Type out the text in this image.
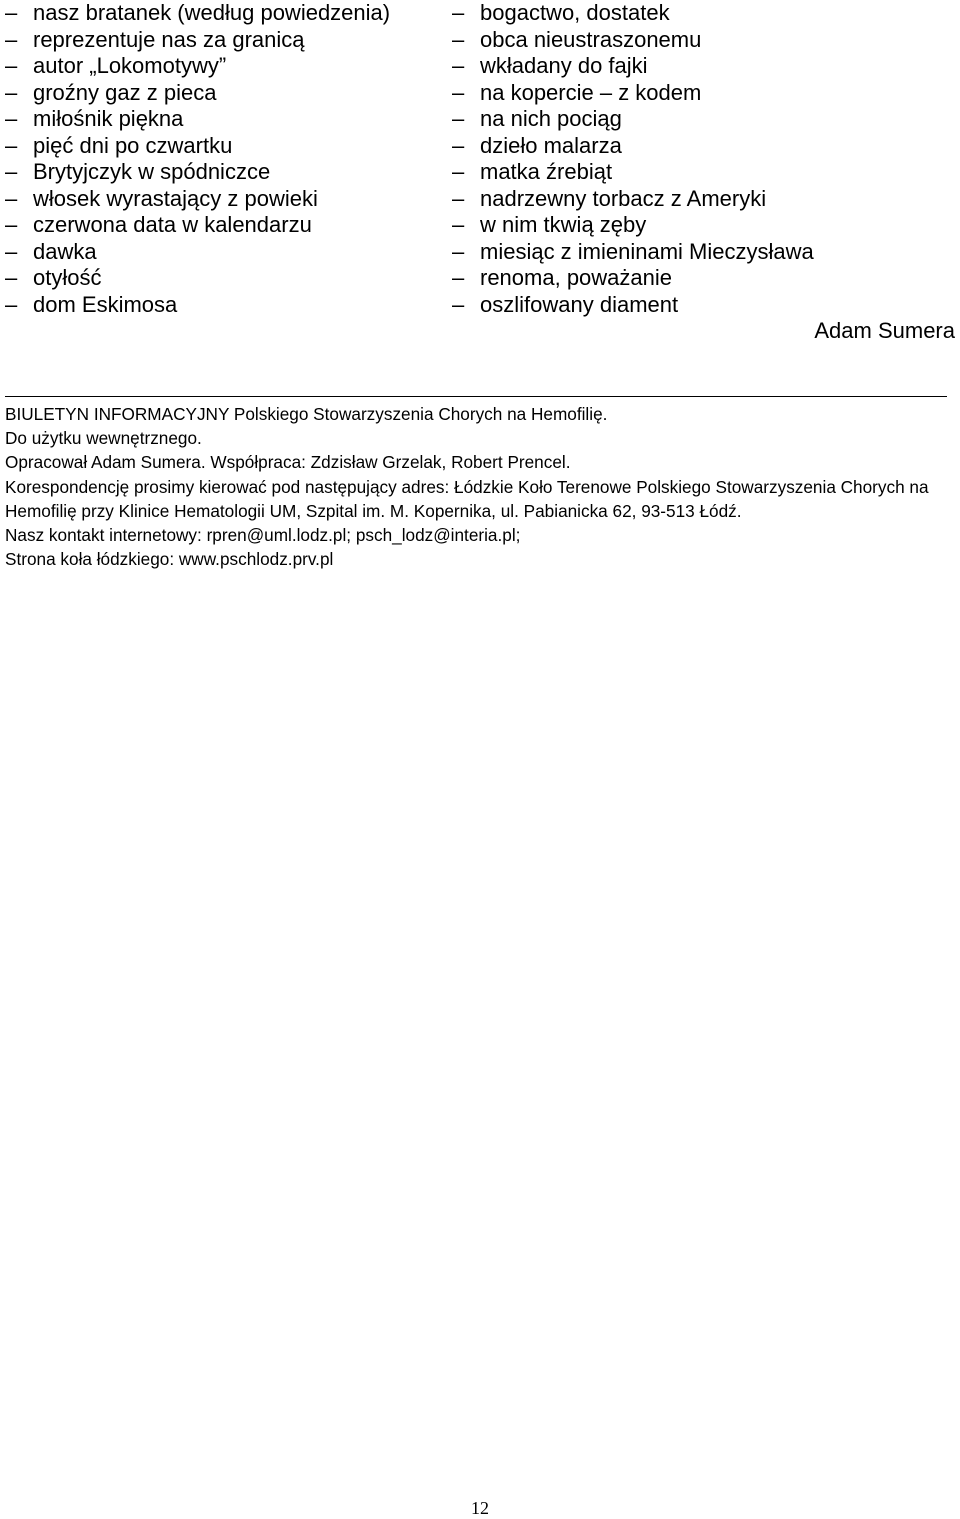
– nasz bratanek (według powiedzenia)
– reprezentuje nas za granicą
– autor „Lokomotywy”
– groźny gaz z pieca
– miłośnik piękna
– pięć dni po czwartku
– Brytyjczyk w spódniczce
– włosek wyrastający z powieki
– czerwona data w kalendarzu
– dawka
– otyłość
– dom Eskimosa
– bogactwo, dostatek
– obca nieustraszonemu
– wkładany do fajki
– na kopercie – z kodem
– na nich pociąg
– dzieło malarza
– matka źrebiąt
– nadrzewny torbacz z Ameryki
– w nim tkwią zęby
– miesiąc z imieninami Mieczysława
– renoma, poważanie
– oszlifowany diament
Adam Sumera

BIULETYN INFORMACYJNY Polskiego Stowarzyszenia Chorych na Hemofilię.

Do użytku wewnętrznego.

Opracował Adam Sumera. Współpraca: Zdzisław Grzelak, Robert Prencel.

Korespondencję prosimy kierować pod następujący adres: Łódzkie Koło Terenowe Polskiego Stowarzyszenia Chorych na Hemofilię przy Klinice Hematologii UM, Szpital im. M. Kopernika, ul. Pabianicka 62, 93-513 Łódź.

Nasz kontakt internetowy: rpren@uml.lodz.pl; psch_lodz@interia.pl;

Strona koła łódzkiego: www.pschlodz.prv.pl

12
